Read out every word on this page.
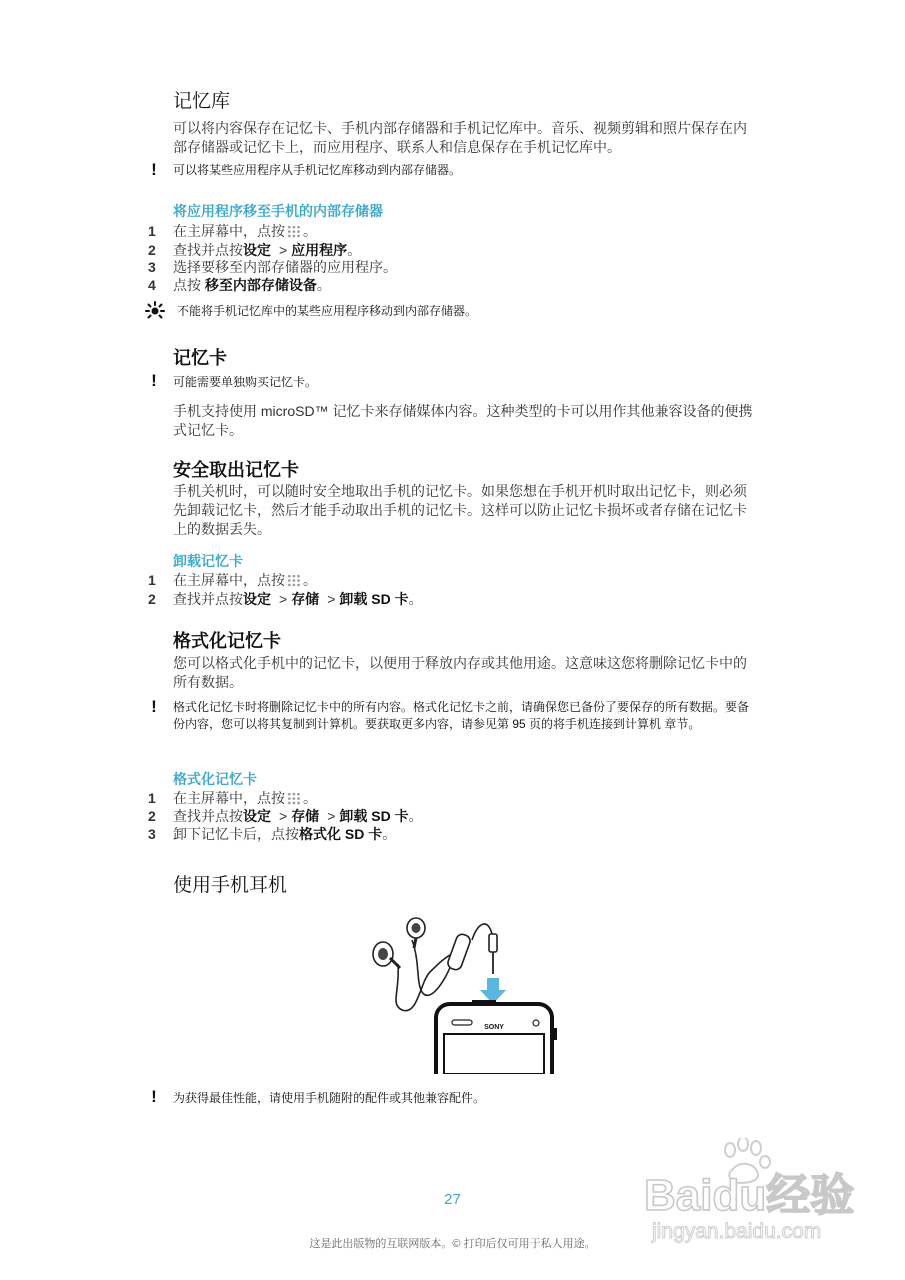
记忆库
可以将内容保存在记忆卡、手机内部存储器和手机记忆库中。音乐、视频剪辑和照片保存在内部存储器或记忆卡上，而应用程序、联系人和信息保存在手机记忆库中。
! 可以将某些应用程序从手机记忆库移动到内部存储器。
将应用程序移至手机的内部存储器
1	在主屏幕中，点按 。
2	查找并点按设定 > 应用程序。
3	选择要移至内部存储器的应用程序。
4	点按 移至内部存储设备。
不能将手机记忆库中的某些应用程序移动到内部存储器。
记忆卡
! 可能需要单独购买记忆卡。
手机支持使用 microSD™ 记忆卡来存储媒体内容。这种类型的卡可以用作其他兼容设备的便携式记忆卡。
安全取出记忆卡
手机关机时，可以随时安全地取出手机的记忆卡。如果您想在手机开机时取出记忆卡，则必须先卸载记忆卡，然后才能手动取出手机的记忆卡。这样可以防止记忆卡损坏或者存储在记忆卡上的数据丢失。
卸载记忆卡
1	在主屏幕中，点按 。
2	查找并点按设定 > 存储 > 卸载 SD 卡。
格式化记忆卡
您可以格式化手机中的记忆卡，以便用于释放内存或其他用途。这意味这您将删除记忆卡中的所有数据。
! 格式化记忆卡时将删除记忆卡中的所有内容。格式化记忆卡之前，请确保您已备份了要保存的所有数据。要备份内容，您可以将其复制到计算机。要获取更多内容，请参见第 95 页的将手机连接到计算机 章节。
格式化记忆卡
1	在主屏幕中，点按 。
2	查找并点按设定 > 存储 > 卸载 SD 卡。
3	卸下记忆卡后，点按格式化 SD 卡。
使用手机耳机
SONY
! 为获得最佳性能，请使用手机随附的配件或其他兼容配件。
27
这是此出版物的互联网版本。© 打印后仅可用于私人用途。
Baidu经验
jingyan.baidu.com
